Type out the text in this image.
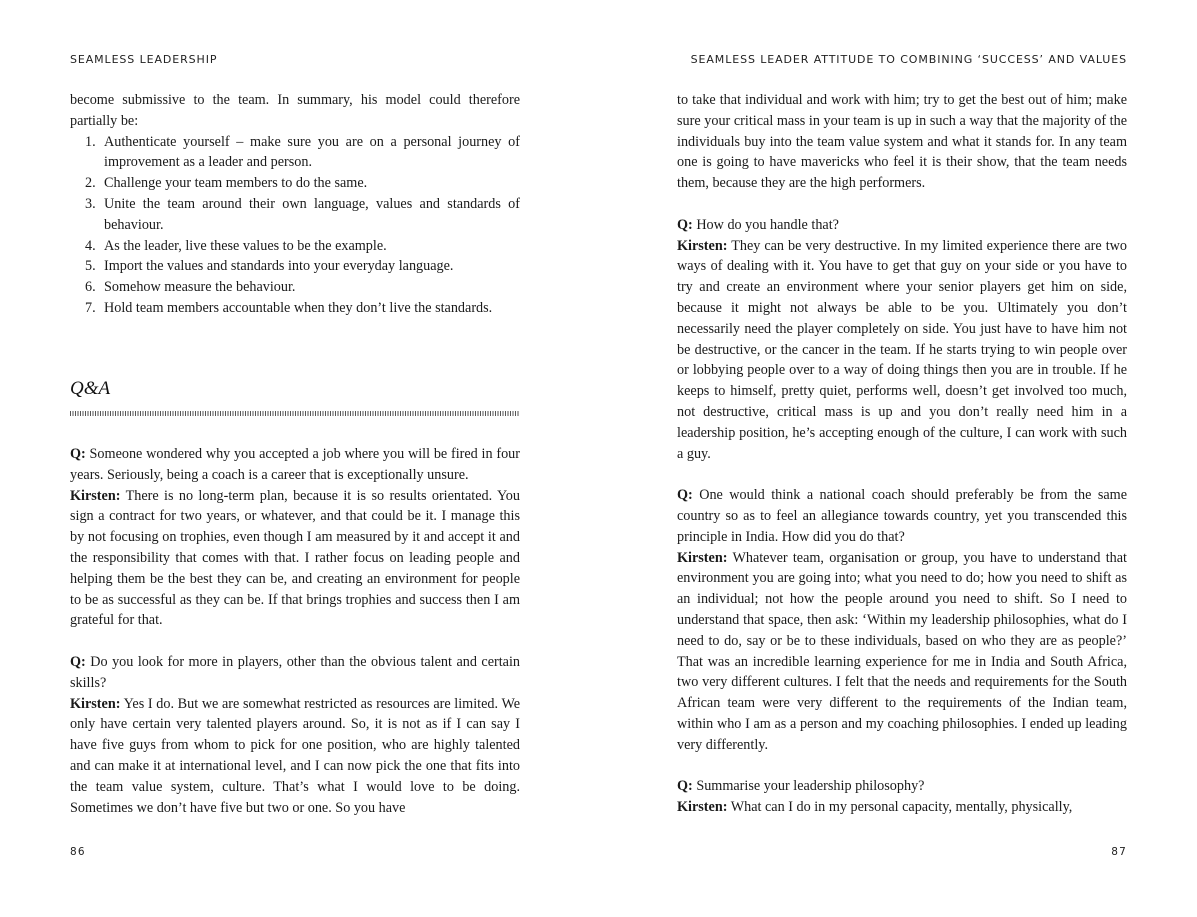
SEAMLESS LEADERSHIP

become submissive to the team. In summary, his model could therefore partially be:

1. Authenticate yourself – make sure you are on a personal journey of improvement as a leader and person.
2. Challenge your team members to do the same.
3. Unite the team around their own language, values and standards of behaviour.
4. As the leader, live these values to be the example.
5. Import the values and standards into your everyday language.
6. Somehow measure the behaviour.
7. Hold team members accountable when they don’t live the standards.
Q&A

Q: Someone wondered why you accepted a job where you will be fired in four years. Seriously, being a coach is a career that is exceptionally unsure.

Kirsten: There is no long-term plan, because it is so results orientated. You sign a contract for two years, or whatever, and that could be it. I manage this by not focusing on trophies, even though I am measured by it and accept it and the responsibility that comes with that. I rather focus on leading people and helping them be the best they can be, and creating an environment for people to be as successful as they can be. If that brings trophies and success then I am grateful for that.

Q: Do you look for more in players, other than the obvious talent and certain skills?

Kirsten: Yes I do. But we are somewhat restricted as resources are limited. We only have certain very talented players around. So, it is not as if I can say I have five guys from whom to pick for one position, who are highly talented and can make it at international level, and I can now pick the one that fits into the team value system, culture. That’s what I would love to be doing. Sometimes we don’t have five but two or one. So you have

86
SEAMLESS LEADER ATTITUDE TO COMBINING ‘SUCCESS’ AND VALUES

to take that individual and work with him; try to get the best out of him; make sure your critical mass in your team is up in such a way that the majority of the individuals buy into the team value system and what it stands for. In any team one is going to have mavericks who feel it is their show, that the team needs them, because they are the high performers.

Q: How do you handle that?

Kirsten: They can be very destructive. In my limited experience there are two ways of dealing with it. You have to get that guy on your side or you have to try and create an environment where your senior players get him on side, because it might not always be able to be you. Ultimately you don’t necessarily need the player completely on side. You just have to have him not be destructive, or the cancer in the team. If he starts trying to win people over or lobbying people over to a way of doing things then you are in trouble. If he keeps to himself, pretty quiet, performs well, doesn’t get involved too much, not destructive, critical mass is up and you don’t really need him in a leadership position, he’s accepting enough of the culture, I can work with such a guy.

Q: One would think a national coach should preferably be from the same country so as to feel an allegiance towards country, yet you transcended this principle in India. How did you do that?

Kirsten: Whatever team, organisation or group, you have to understand that environment you are going into; what you need to do; how you need to shift as an individual; not how the people around you need to shift. So I need to understand that space, then ask: ‘Within my leadership philosophies, what do I need to do, say or be to these individuals, based on who they are as people?’ That was an incredible learning experience for me in India and South Africa, two very different cultures. I felt that the needs and requirements for the South African team were very different to the requirements of the Indian team, within who I am as a person and my coaching philosophies. I ended up leading very differently.

Q: Summarise your leadership philosophy?

Kirsten: What can I do in my personal capacity, mentally, physically,

87
